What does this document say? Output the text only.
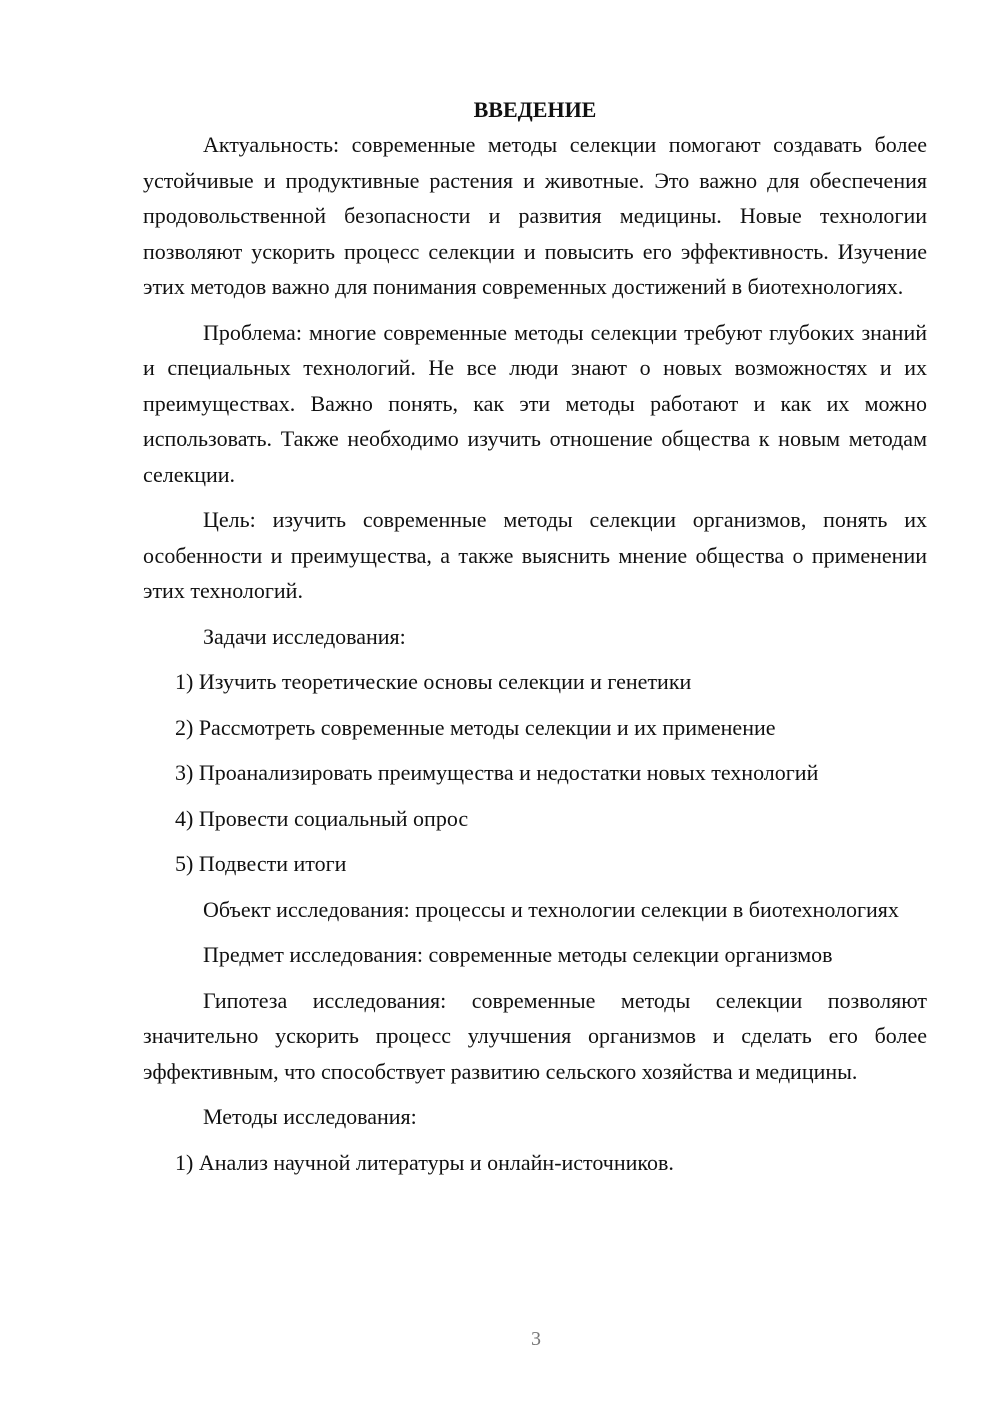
ВВЕДЕНИЕ

Актуальность: современные методы селекции помогают создавать более устойчивые и продуктивные растения и животные. Это важно для обеспечения продовольственной безопасности и развития медицины. Новые технологии позволяют ускорить процесс селекции и повысить его эффективность. Изучение этих методов важно для понимания современных достижений в биотехнологиях.

Проблема: многие современные методы селекции требуют глубоких знаний и специальных технологий. Не все люди знают о новых возможностях и их преимуществах. Важно понять, как эти методы работают и как их можно использовать. Также необходимо изучить отношение общества к новым методам селекции.

Цель: изучить современные методы селекции организмов, понять их особенности и преимущества, а также выяснить мнение общества о применении этих технологий.

Задачи исследования:

1) Изучить теоретические основы селекции и генетики
2) Рассмотреть современные методы селекции и их применение
3) Проанализировать преимущества и недостатки новых технологий
4) Провести социальный опрос
5) Подвести итоги

Объект исследования: процессы и технологии селекции в биотехнологиях

Предмет исследования: современные методы селекции организмов

Гипотеза исследования: современные методы селекции позволяют значительно ускорить процесс улучшения организмов и сделать его более эффективным, что способствует развитию сельского хозяйства и медицины.

Методы исследования:

1) Анализ научной литературы и онлайн-источников.
3
